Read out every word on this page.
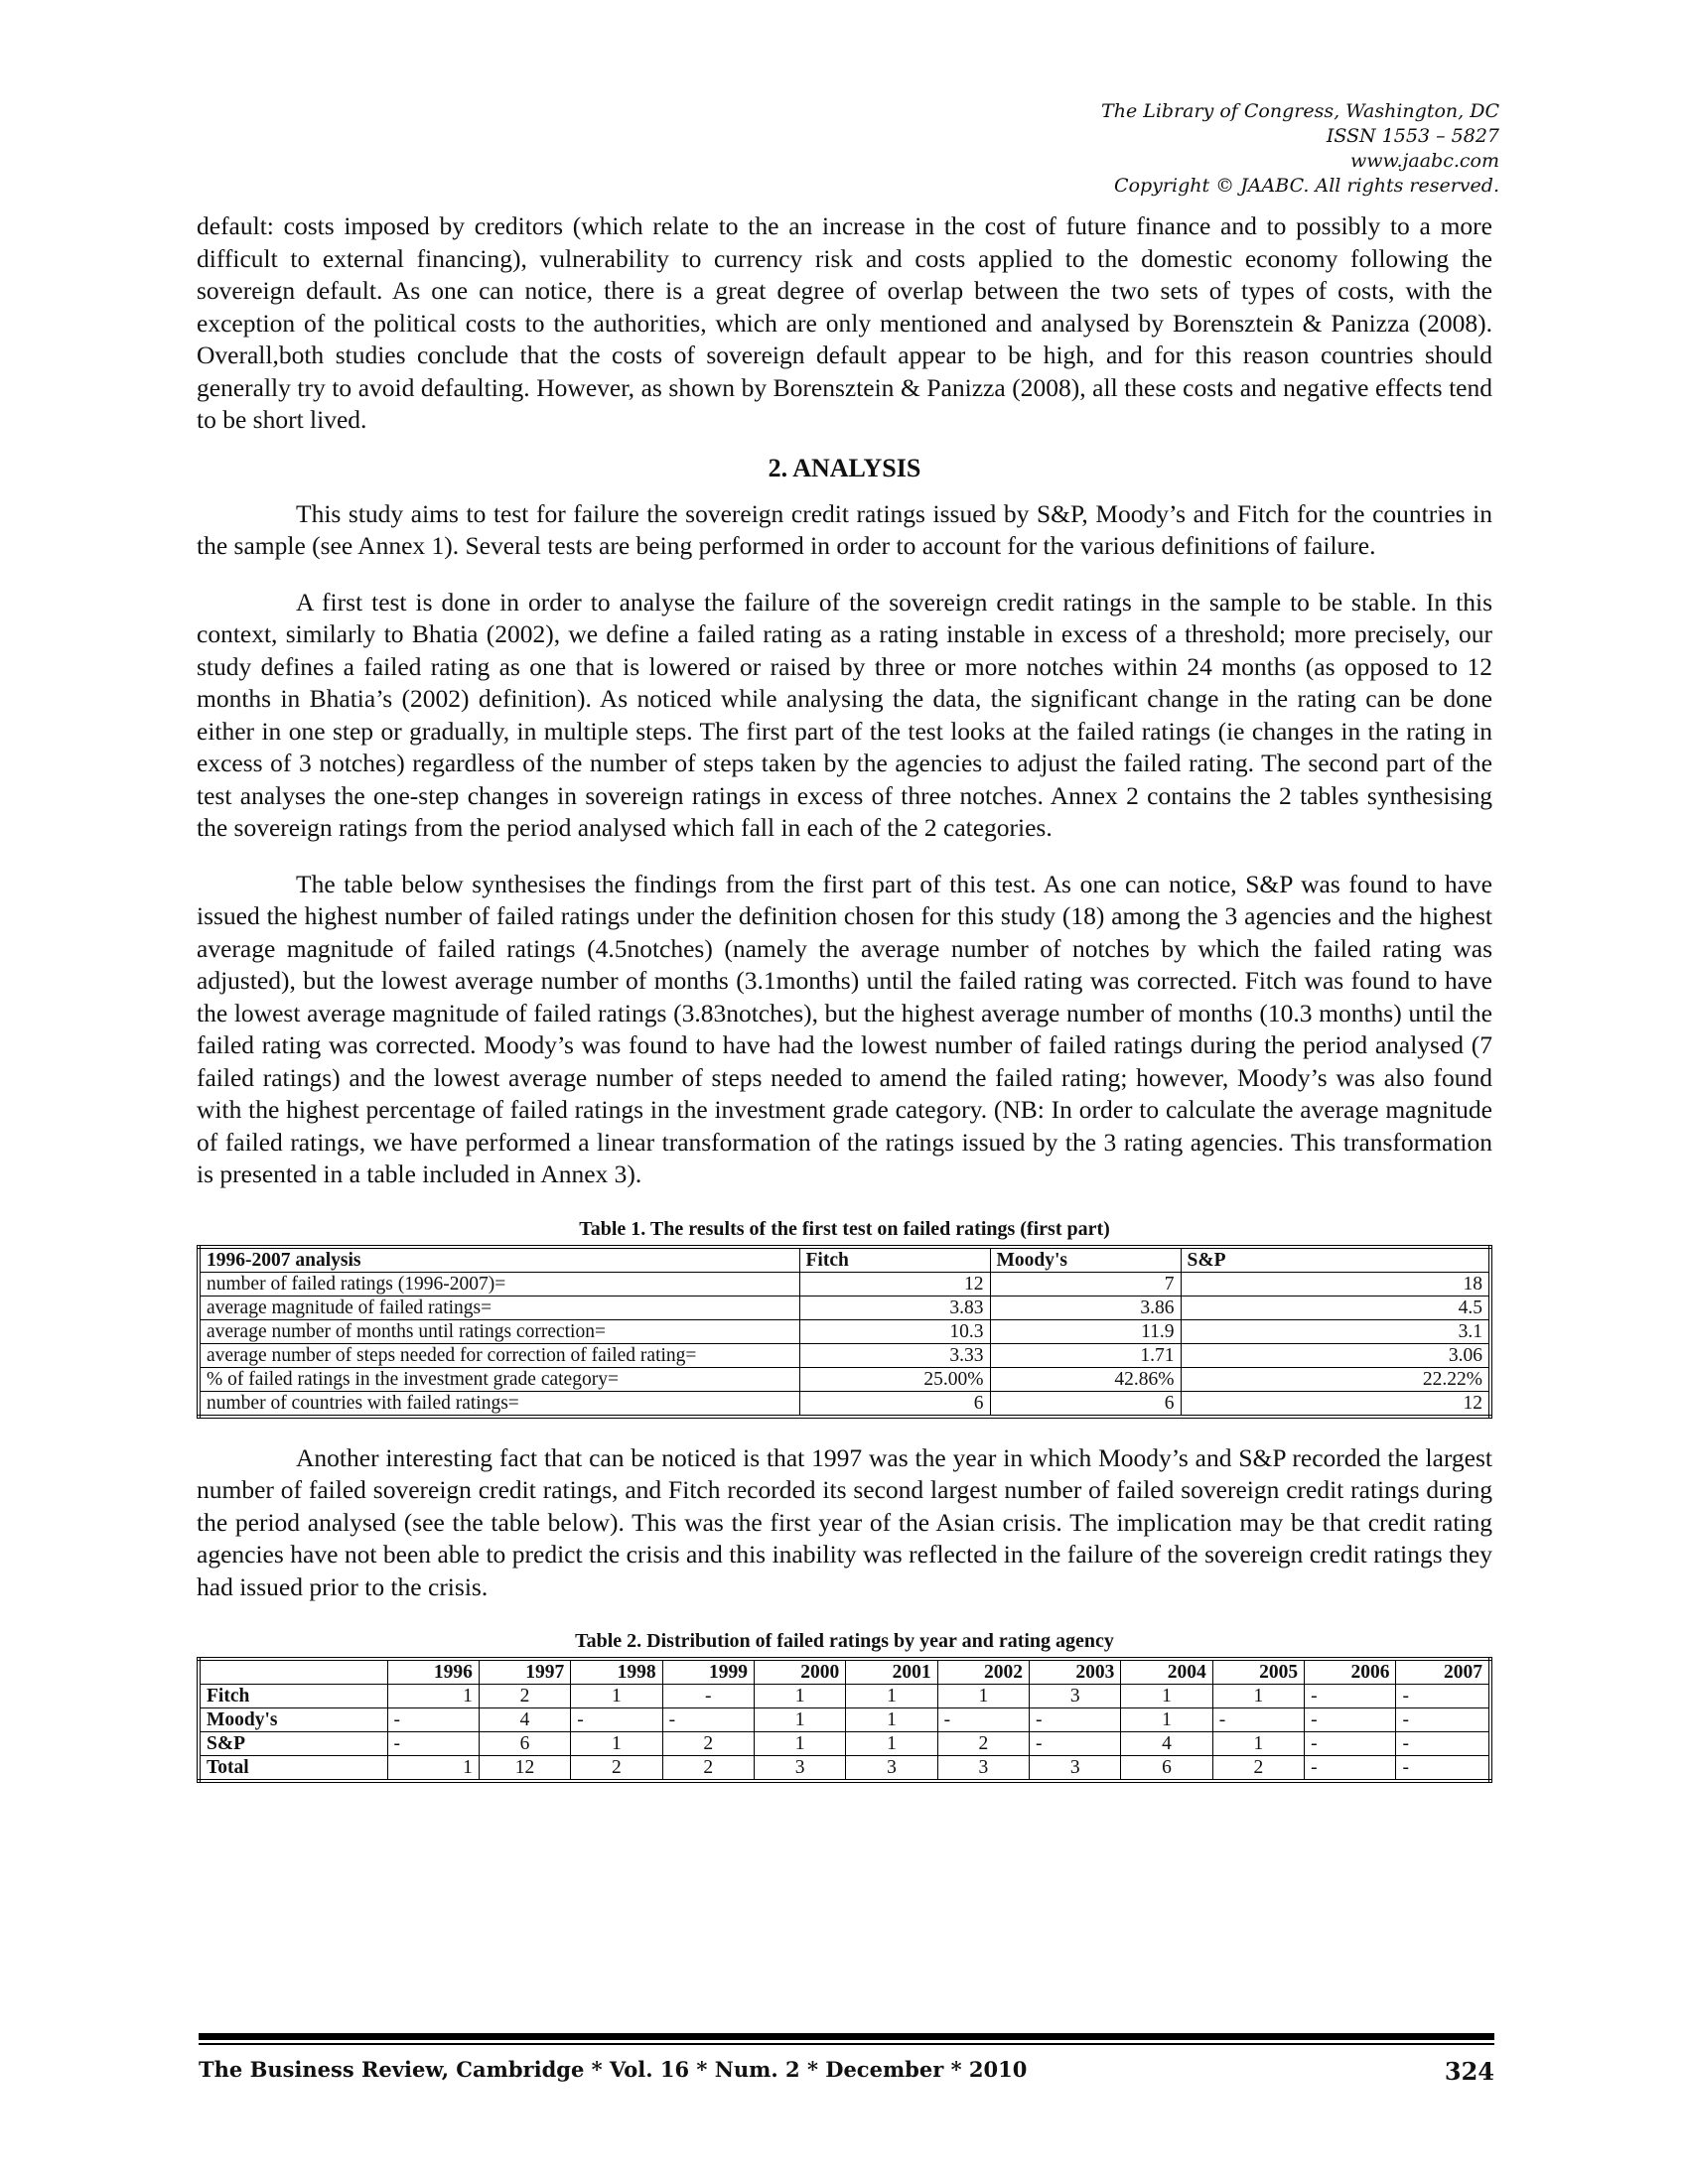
The Library of Congress, Washington, DC
ISSN 1553 – 5827
www.jaabc.com
Copyright © JAABC. All rights reserved.

default: costs imposed by creditors (which relate to the an increase in the cost of future finance and to possibly to a more difficult to external financing), vulnerability to currency risk and costs applied to the domestic economy following the sovereign default. As one can notice, there is a great degree of overlap between the two sets of types of costs, with the exception of the political costs to the authorities, which are only mentioned and analysed by Borensztein & Panizza (2008). Overall,both studies conclude that the costs of sovereign default appear to be high, and for this reason countries should generally try to avoid defaulting. However, as shown by Borensztein & Panizza (2008), all these costs and negative effects tend to be short lived.

2. ANALYSIS

This study aims to test for failure the sovereign credit ratings issued by S&P, Moody’s and Fitch for the countries in the sample (see Annex 1). Several tests are being performed in order to account for the various definitions of failure.

A first test is done in order to analyse the failure of the sovereign credit ratings in the sample to be stable. In this context, similarly to Bhatia (2002), we define a failed rating as a rating instable in excess of a threshold; more precisely, our study defines a failed rating as one that is lowered or raised by three or more notches within 24 months (as opposed to 12 months in Bhatia’s (2002) definition). As noticed while analysing the data, the significant change in the rating can be done either in one step or gradually, in multiple steps. The first part of the test looks at the failed ratings (ie changes in the rating in excess of 3 notches) regardless of the number of steps taken by the agencies to adjust the failed rating. The second part of the test analyses the one-step changes in sovereign ratings in excess of three notches. Annex 2 contains the 2 tables synthesising the sovereign ratings from the period analysed which fall in each of the 2 categories.

The table below synthesises the findings from the first part of this test. As one can notice, S&P was found to have issued the highest number of failed ratings under the definition chosen for this study (18) among the 3 agencies and the highest average magnitude of failed ratings (4.5notches) (namely the average number of notches by which the failed rating was adjusted), but the lowest average number of months (3.1months) until the failed rating was corrected. Fitch was found to have the lowest average magnitude of failed ratings (3.83notches), but the highest average number of months (10.3 months) until the failed rating was corrected. Moody’s was found to have had the lowest number of failed ratings during the period analysed (7 failed ratings) and the lowest average number of steps needed to amend the failed rating; however, Moody’s was also found with the highest percentage of failed ratings in the investment grade category. (NB: In order to calculate the average magnitude of failed ratings, we have performed a linear transformation of the ratings issued by the 3 rating agencies. This transformation is presented in a table included in Annex 3).

Table 1. The results of the first test on failed ratings (first part)
1996-2007 analysis	Fitch	Moody's	S&P
number of failed ratings (1996-2007)=	12	7	18
average magnitude of failed ratings=	3.83	3.86	4.5
average number of months until ratings correction=	10.3	11.9	3.1
average number of steps needed for correction of failed rating=	3.33	1.71	3.06
% of failed ratings in the investment grade category=	25.00%	42.86%	22.22%
number of countries with failed ratings=	6	6	12

Another interesting fact that can be noticed is that 1997 was the year in which Moody’s and S&P recorded the largest number of failed sovereign credit ratings, and Fitch recorded its second largest number of failed sovereign credit ratings during the period analysed (see the table below). This was the first year of the Asian crisis. The implication may be that credit rating agencies have not been able to predict the crisis and this inability was reflected in the failure of the sovereign credit ratings they had issued prior to the crisis.

Table 2. Distribution of failed ratings by year and rating agency
	1996	1997	1998	1999	2000	2001	2002	2003	2004	2005	2006	2007
Fitch	1	2	1	-	1	1	1	3	1	1	-	-
Moody's	-	4	-	-	1	1	-	-	1	-	-	-
S&P	-	6	1	2	1	1	2	-	4	1	-	-
Total	1	12	2	2	3	3	3	3	6	2	-	-
The Business Review, Cambridge * Vol. 16 * Num. 2 * December * 2010	324
